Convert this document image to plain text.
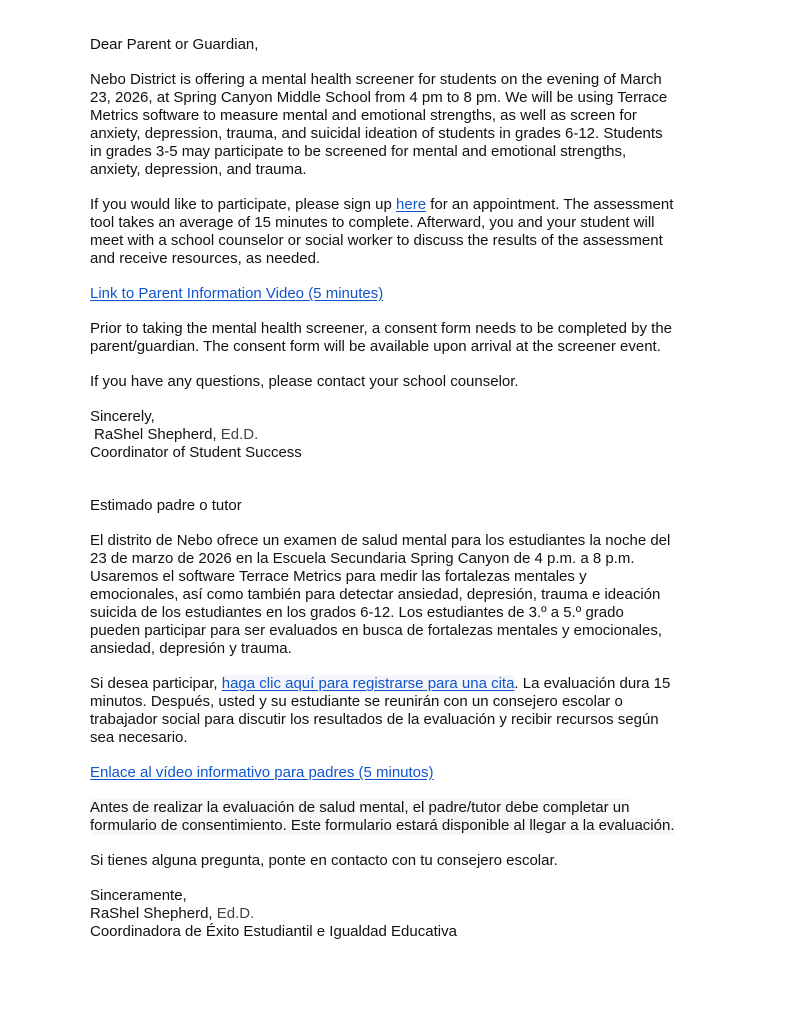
Dear Parent or Guardian,

Nebo District is offering a mental health screener for students on the evening of March
23, 2026, at Spring Canyon Middle School from 4 pm to 8 pm. We will be using Terrace
Metrics software to measure mental and emotional strengths, as well as screen for
anxiety, depression, trauma, and suicidal ideation of students in grades 6-12. Students
in grades 3-5 may participate to be screened for mental and emotional strengths,
anxiety, depression, and trauma.

If you would like to participate, please sign up here for an appointment. The assessment
tool takes an average of 15 minutes to complete. Afterward, you and your student will
meet with a school counselor or social worker to discuss the results of the assessment
and receive resources, as needed.

Link to Parent Information Video (5 minutes)

Prior to taking the mental health screener, a consent form needs to be completed by the
parent/guardian. The consent form will be available upon arrival at the screener event.

If you have any questions, please contact your school counselor.

Sincerely,
RaShel Shepherd, Ed.D.
Coordinator of Student Success

Estimado padre o tutor

El distrito de Nebo ofrece un examen de salud mental para los estudiantes la noche del
23 de marzo de 2026 en la Escuela Secundaria Spring Canyon de 4 p.m. a 8 p.m.
Usaremos el software Terrace Metrics para medir las fortalezas mentales y
emocionales, así como también para detectar ansiedad, depresión, trauma e ideación
suicida de los estudiantes en los grados 6-12. Los estudiantes de 3.º a 5.º grado
pueden participar para ser evaluados en busca de fortalezas mentales y emocionales,
ansiedad, depresión y trauma.

Si desea participar, haga clic aquí para registrarse para una cita. La evaluación dura 15
minutos. Después, usted y su estudiante se reunirán con un consejero escolar o
trabajador social para discutir los resultados de la evaluación y recibir recursos según
sea necesario.

Enlace al vídeo informativo para padres (5 minutos)

Antes de realizar la evaluación de salud mental, el padre/tutor debe completar un
formulario de consentimiento. Este formulario estará disponible al llegar a la evaluación.

Si tienes alguna pregunta, ponte en contacto con tu consejero escolar.

Sinceramente,
RaShel Shepherd, Ed.D.
Coordinadora de Éxito Estudiantil e Igualdad Educativa
